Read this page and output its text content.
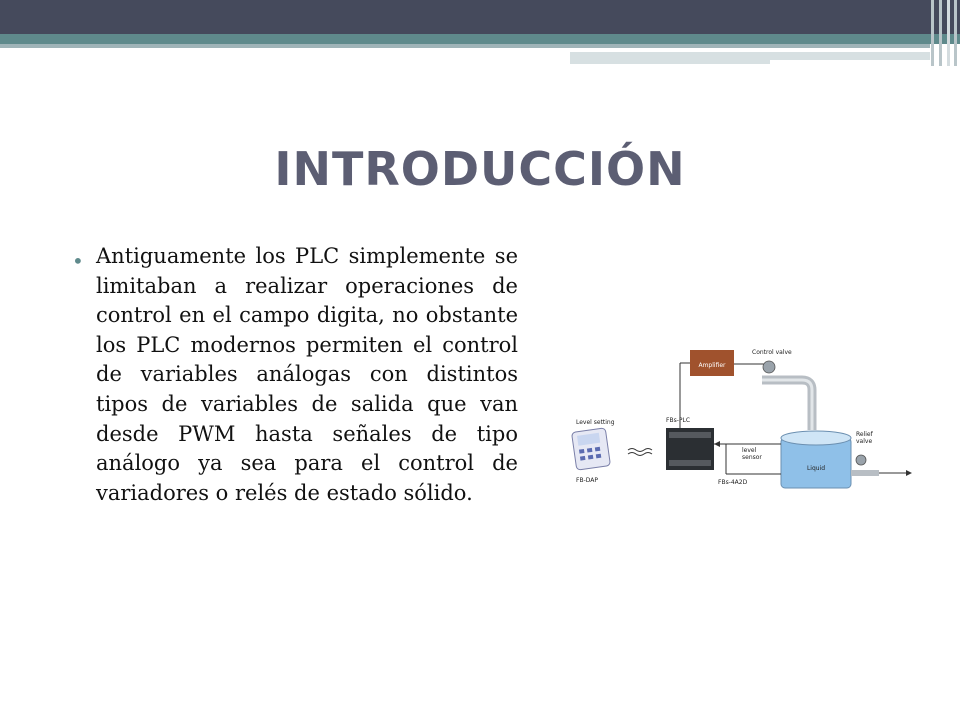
INTRODUCCIÓN
• Antiguamente los PLC simplemente se limitaban a realizar operaciones de control en el campo digita, no obstante los PLC modernos permiten el control de variables análogas con distintos tipos de variables de salida que van desde PWM hasta señales de tipo análogo ya sea para el control de variadores o relés de estado sólido.
Amplifier
Control valve
Liquid
Relief
valve
FBs-PLC
level
sensor
FBs-4A2D
Level setting
FB-DAP
